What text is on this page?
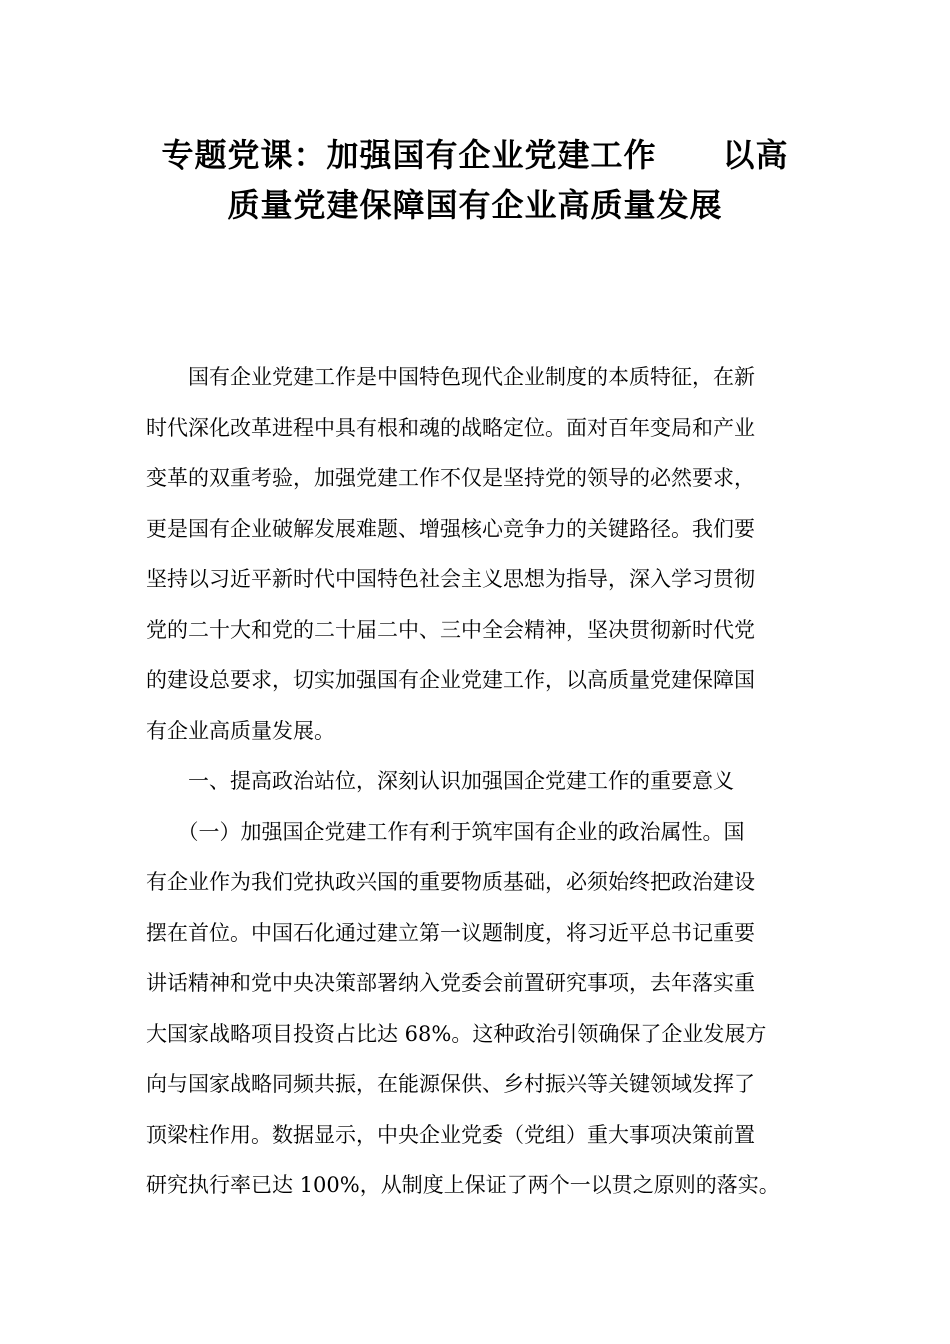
专题党课：加强国有企业党建工作　　以高
质量党建保障国有企业高质量发展

　　国有企业党建工作是中国特色现代企业制度的本质特征，在新
时代深化改革进程中具有根和魂的战略定位。面对百年变局和产业
变革的双重考验，加强党建工作不仅是坚持党的领导的必然要求，
更是国有企业破解发展难题、增强核心竞争力的关键路径。我们要
坚持以习近平新时代中国特色社会主义思想为指导，深入学习贯彻
党的二十大和党的二十届二中、三中全会精神，坚决贯彻新时代党
的建设总要求，切实加强国有企业党建工作，以高质量党建保障国
有企业高质量发展。

　　一、提高政治站位，深刻认识加强国企党建工作的重要意义

　　（一）加强国企党建工作有利于筑牢国有企业的政治属性。国
有企业作为我们党执政兴国的重要物质基础，必须始终把政治建设
摆在首位。中国石化通过建立第一议题制度，将习近平总书记重要
讲话精神和党中央决策部署纳入党委会前置研究事项，去年落实重
大国家战略项目投资占比达 68%。这种政治引领确保了企业发展方
向与国家战略同频共振，在能源保供、乡村振兴等关键领域发挥了
顶梁柱作用。数据显示，中央企业党委（党组）重大事项决策前置
研究执行率已达 100%，从制度上保证了两个一以贯之原则的落实。
